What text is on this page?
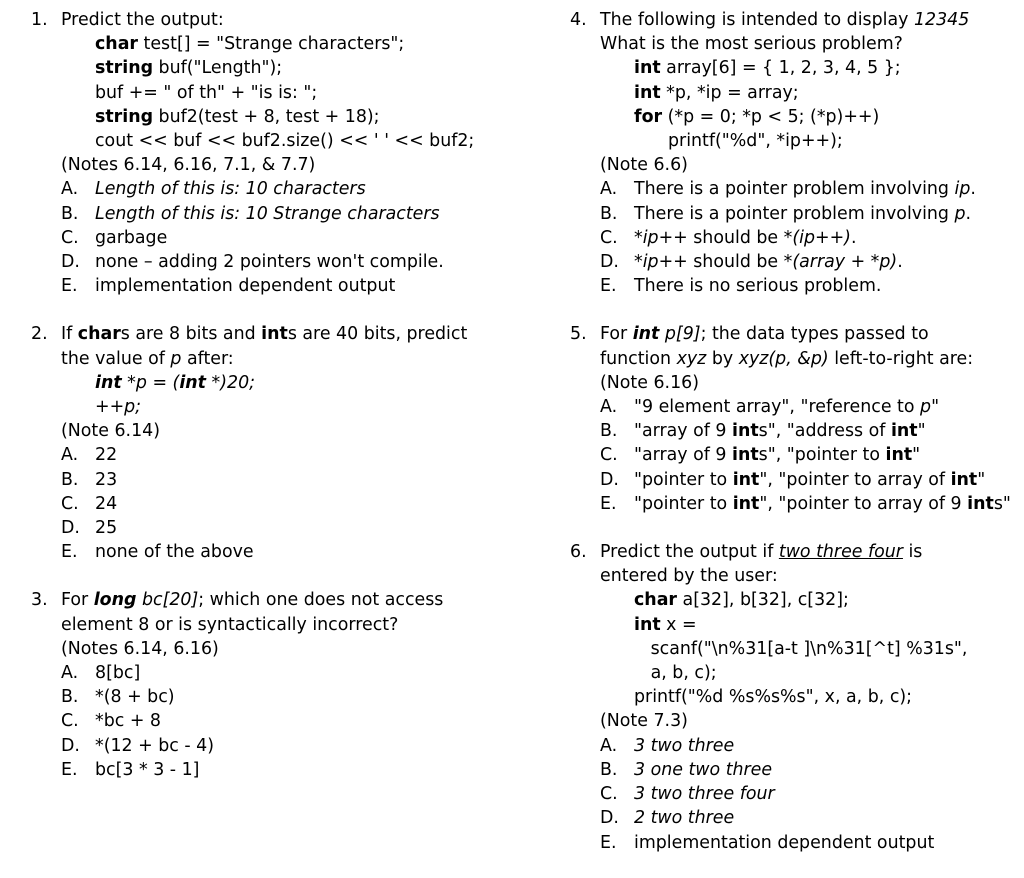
1. Predict the output:
char test[] = "Strange characters";
string buf("Length");
buf += " of th" + "is is: ";
string buf2(test + 8, test + 18);
cout << buf << buf2.size() << ' ' << buf2;
(Notes 6.14, 6.16, 7.1, & 7.7)
A. Length of this is: 10 characters
B. Length of this is: 10 Strange characters
C. garbage
D. none – adding 2 pointers won't compile.
E. implementation dependent output
2. If chars are 8 bits and ints are 40 bits, predict
the value of p after:
int *p = (int *)20;
++p;
(Note 6.14)
A. 22
B. 23
C. 24
D. 25
E. none of the above
3. For long bc[20]; which one does not access
element 8 or is syntactically incorrect?
(Notes 6.14, 6.16)
A. 8[bc]
B. *(8 + bc)
C. *bc + 8
D. *(12 + bc - 4)
E. bc[3 * 3 - 1]
4. The following is intended to display 12345
What is the most serious problem?
int array[6] = { 1, 2, 3, 4, 5 };
int *p, *ip = array;
for (*p = 0; *p < 5; (*p)++)
printf("%d", *ip++);
(Note 6.6)
A. There is a pointer problem involving ip.
B. There is a pointer problem involving p.
C. *ip++ should be *(ip++).
D. *ip++ should be *(array + *p).
E. There is no serious problem.
5. For int p[9]; the data types passed to
function xyz by xyz(p, &p) left-to-right are:
(Note 6.16)
A. "9 element array", "reference to p"
B. "array of 9 ints", "address of int"
C. "array of 9 ints", "pointer to int"
D. "pointer to int", "pointer to array of int"
E. "pointer to int", "pointer to array of 9 ints"
6. Predict the output if two three four is
entered by the user:
char a[32], b[32], c[32];
int x =
scanf("\n%31[a-t ]\n%31[^t] %31s",
a, b, c);
printf("%d %s%s%s", x, a, b, c);
(Note 7.3)
A. 3 two three
B. 3 one two three
C. 3 two three four
D. 2 two three
E. implementation dependent output
